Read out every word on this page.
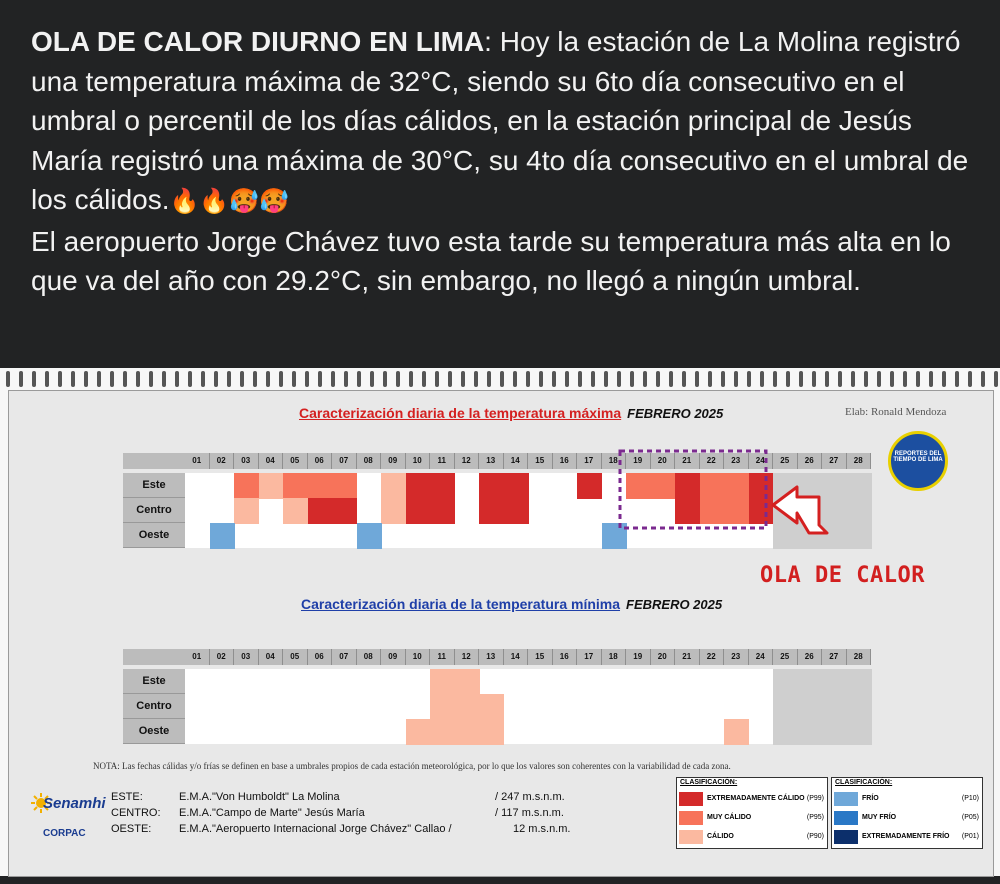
OLA DE CALOR DIURNO EN LIMA: Hoy la estación de La Molina registró una temperatura máxima de 32°C, siendo su 6to día consecutivo en el umbral o percentil de los días cálidos, en la estación principal de Jesús María registró una máxima de 30°C, su 4to día consecutivo en el umbral de los cálidos.🔥🔥🥵🥵
El aeropuerto Jorge Chávez tuvo esta tarde su temperatura más alta en lo que va del año con 29.2°C, sin embargo, no llegó a ningún umbral.
Caracterización diaria de la temperatura máxima FEBRERO 2025	Elab: Ronald Mendoza
REPORTES DEL TIEMPO DE LIMA
01	02	03	04	05	06	07	08	09	10	11	12	13	14	15	16	17	18	19	20	21	22	23	24	25	26	27	28
Este
Centro
Oeste
OLA DE CALOR
Caracterización diaria de la temperatura mínima FEBRERO 2025
01	02	03	04	05	06	07	08	09	10	11	12	13	14	15	16	17	18	19	20	21	22	23	24	25	26	27	28
Este
Centro
Oeste
NOTA: Las fechas cálidas y/o frías se definen en base a umbrales propios de cada estación meteorológica, por lo que los valores son coherentes con la variabilidad de cada zona.
Senamhi
CORPAC
ESTE:	E.M.A."Von Humboldt" La Molina	/ 247 m.s.n.m.
CENTRO: E.M.A."Campo de Marte" Jesús María	/ 117 m.s.n.m.
OESTE:	E.M.A."Aeropuerto Internacional Jorge Chávez" Callao /	12 m.s.n.m.
CLASIFICACIÓN:
EXTREMADAMENTE CÁLIDO (P99)
MUY CÁLIDO	(P95)
CÁLIDO	(P90)
CLASIFICACIÓN:
FRÍO	(P10)
MUY FRÍO	(P05)
EXTREMADAMENTE FRÍO (P01)
